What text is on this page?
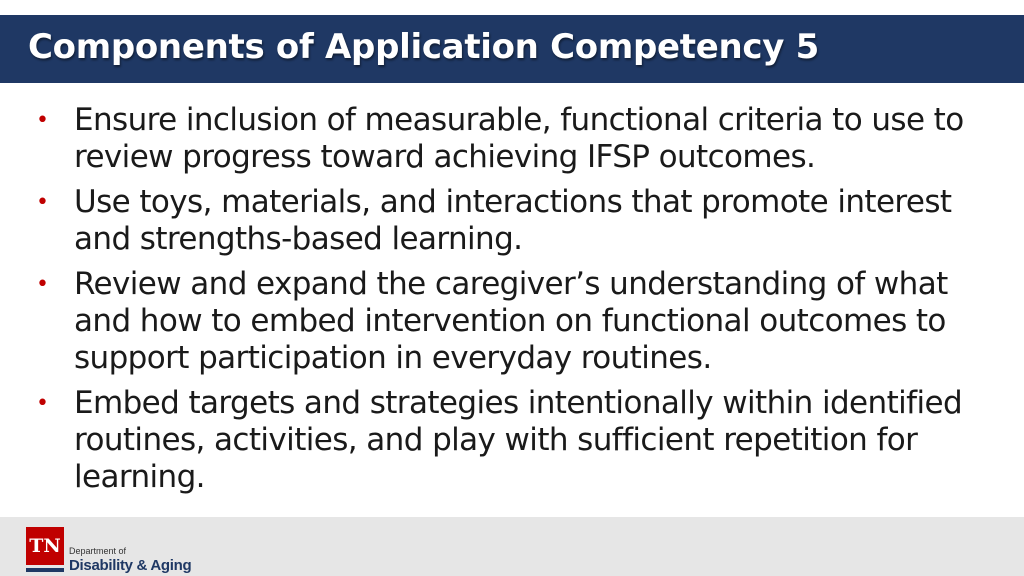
Components of Application Competency 5
• Ensure inclusion of measurable, functional criteria to use to review progress toward achieving IFSP outcomes.
• Use toys, materials, and interactions that promote interest and strengths-based learning.
• Review and expand the caregiver’s understanding of what and how to embed intervention on functional outcomes to support participation in everyday routines.
• Embed targets and strategies intentionally within identified routines, activities, and play with sufficient repetition for learning.
TN Department of
Disability & Aging
